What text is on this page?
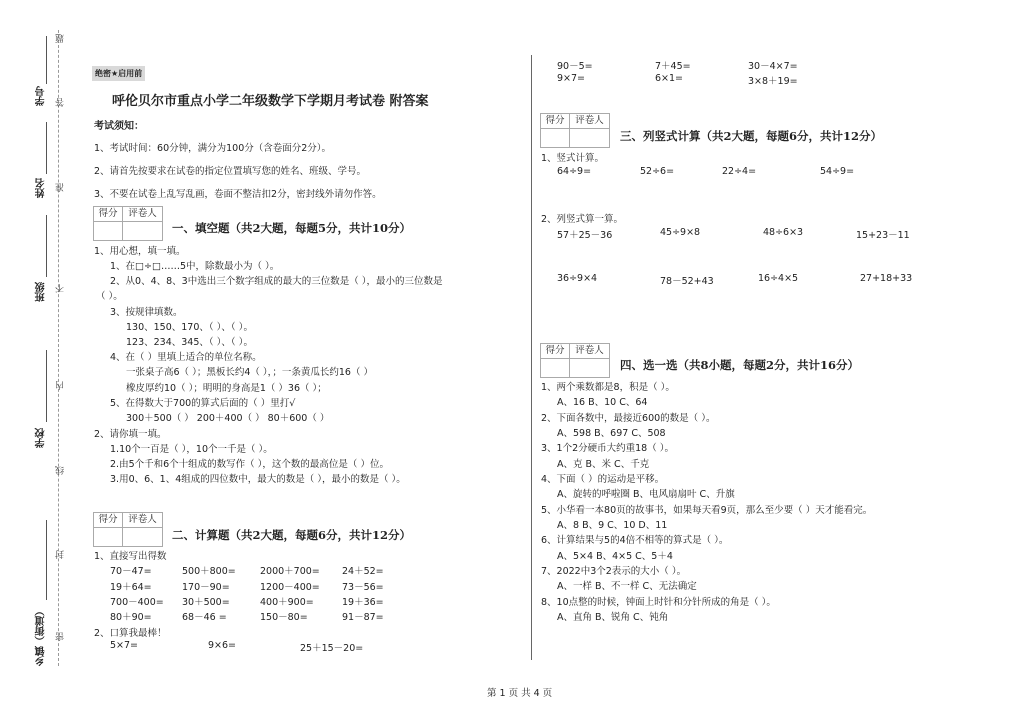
学号
姓名
班级
学校
乡镇（街道）
题
答
准
不
内
线
封
密
绝密★启用前
呼伦贝尔市重点小学二年级数学下学期月考试卷 附答案
考试须知：
1、考试时间：60分钟，满分为100分（含卷面分2分）。
2、请首先按要求在试卷的指定位置填写您的姓名、班级、学号。
3、不要在试卷上乱写乱画，卷面不整洁扣2分，密封线外请勿作答。
得分	评卷人
一、填空题（共2大题，每题5分，共计10分）
1、用心想，填一填。
1、在□÷□……5中，除数最小为（ ）。
2、从0、4、8、3中选出三个数字组成的最大的三位数是（ ），最小的三位数是
（ ）。
3、按规律填数。
130、150、170、（ ）、（ ）。
123、234、345、（ ）、（ ）。
4、在（ ）里填上适合的单位名称。
一张桌子高6（ ）；黑板长约4（ ），；一条黄瓜长约16（ ）
橡皮厚约10（ ）；明明的身高是1（ ）36（ ）；
5、在得数大于700的算式后面的（ ）里打√
300＋500（ ） 200＋400（ ） 80＋600（ ）
2、请你填一填。
1.10个一百是（ ），10个一千是（ ）。
2.由5个千和6个十组成的数写作（ ），这个数的最高位是（ ）位。
3.用0、6、1、4组成的四位数中，最大的数是（ ），最小的数是（ ）。
得分	评卷人
二、计算题（共2大题，每题6分，共计12分）
1、直接写出得数
70－47=	500＋800=	2000＋700= 24＋52=
19＋64=	170－90=	1200－400= 73－56=
700－400= 30＋500=	400＋900=	19＋36=
80＋90=	68－46 =	150－80=	91－87=
2、口算我最棒！
5×7=	9×6=	25＋15－20=
90－5=	7＋45=	30－4×7=
9×7=	6×1=	3×8＋19=
得分	评卷人
三、列竖式计算（共2大题，每题6分，共计12分）
1、竖式计算。
64÷9=	52÷6=	22÷4=	54÷9=
2、列竖式算一算。
57＋25－36	45÷9×8	48÷6×3	15+23－11
36÷9×4	78－52+43	16÷4×5	27+18+33
得分	评卷人
四、选一选（共8小题，每题2分，共计16分）
1、两个乘数都是8，积是（ ）。
A、16 B、10 C、64
2、下面各数中，最接近600的数是（ ）。
A、598 B、697 C、508
3、1个2分硬币大约重18（ ）。
A、克 B、米 C、千克
4、下面（ ）的运动是平移。
A、旋转的呼啦圈 B、电风扇扇叶 C、升旗
5、小华看一本80页的故事书，如果每天看9页，那么至少要（ ）天才能看完。
A、8 B、9 C、10 D、11
6、计算结果与5的4倍不相等的算式是（ ）。
A、5×4 B、4×5 C、5＋4
7、2022中3个2表示的大小（ ）。
A、一样 B、不一样 C、无法确定
8、10点整的时候，钟面上时针和分针所成的角是（ ）。
A、直角 B、锐角 C、钝角
第 1 页 共 4 页
